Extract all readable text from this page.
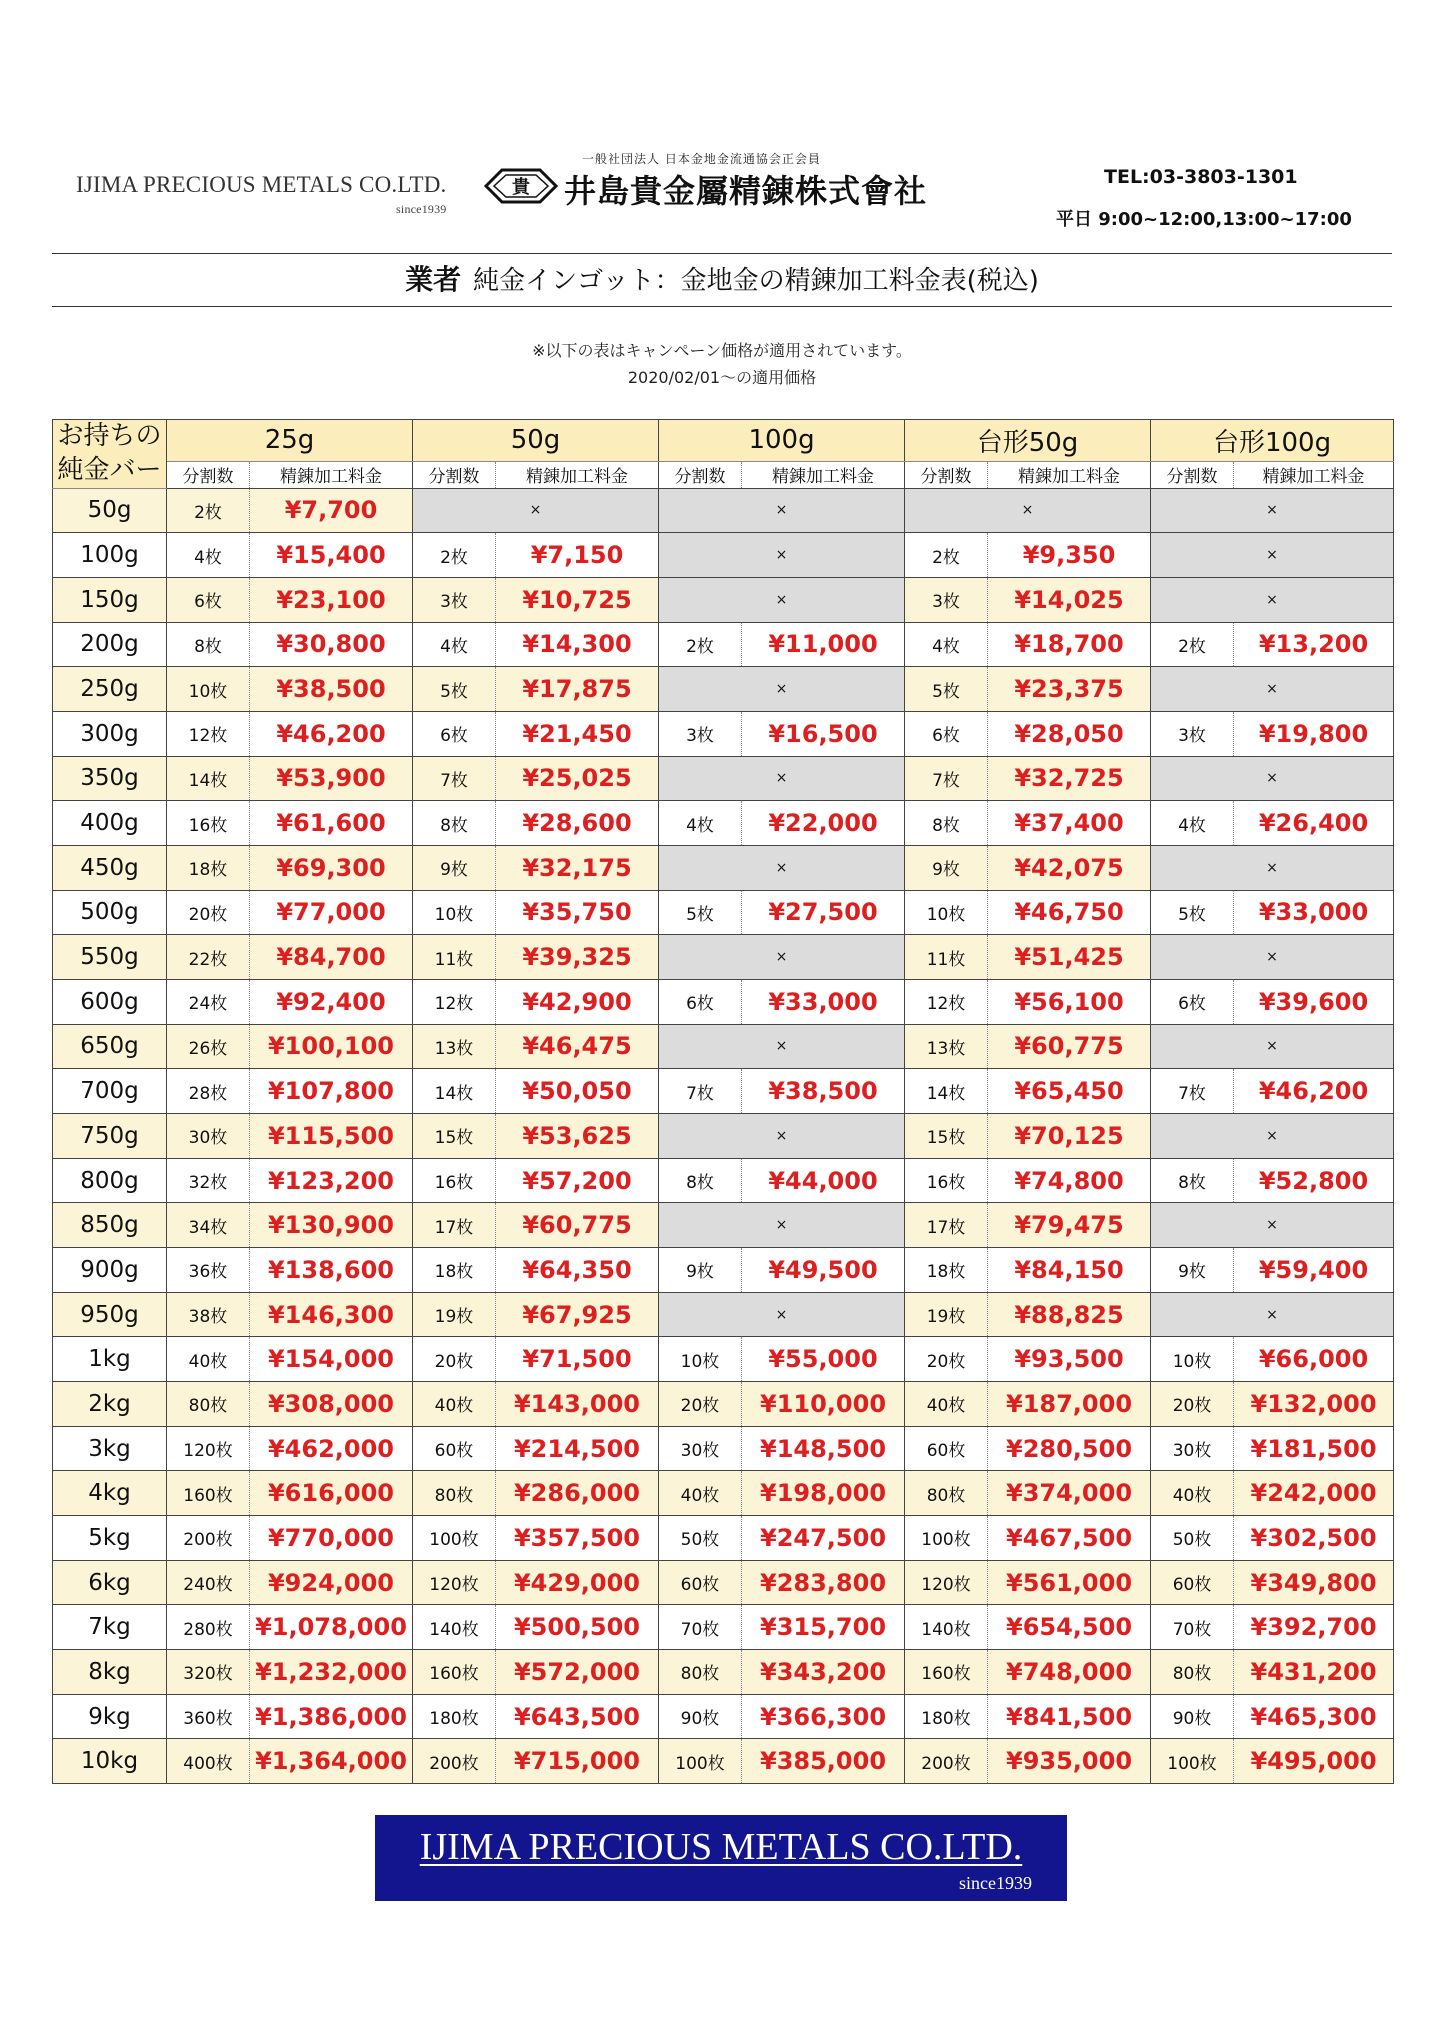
IJIMA PRECIOUS METALS CO.LTD.
since1939
一般社団法人 日本金地金流通協会正会員
貴 井島貴金屬精錬株式會社	TEL:03-3803-1301
平日 9:00~12:00,13:00~17:00
業者 純金インゴット：金地金の精錬加工料金表(税込)
※以下の表はキャンペーン価格が適用されています。
2020/02/01～の適用価格
お持ちの
純金バー	25g		50g		100g		台形50g		台形100g	
	分割数	精錬加工料金	分割数	精錬加工料金	分割数	精錬加工料金	分割数	精錬加工料金	分割数	精錬加工料金
50g	2枚	¥7,700	×		×		×		×	
100g	4枚	¥15,400	2枚	¥7,150	×		2枚	¥9,350	×	
150g	6枚	¥23,100	3枚	¥10,725	×		3枚	¥14,025	×	
200g	8枚	¥30,800	4枚	¥14,300	2枚	¥11,000	4枚	¥18,700	2枚	¥13,200
250g	10枚	¥38,500	5枚	¥17,875	×		5枚	¥23,375	×	
300g	12枚	¥46,200	6枚	¥21,450	3枚	¥16,500	6枚	¥28,050	3枚	¥19,800
350g	14枚	¥53,900	7枚	¥25,025	×		7枚	¥32,725	×	
400g	16枚	¥61,600	8枚	¥28,600	4枚	¥22,000	8枚	¥37,400	4枚	¥26,400
450g	18枚	¥69,300	9枚	¥32,175	×		9枚	¥42,075	×	
500g	20枚	¥77,000	10枚	¥35,750	5枚	¥27,500	10枚	¥46,750	5枚	¥33,000
550g	22枚	¥84,700	11枚	¥39,325	×		11枚	¥51,425	×	
600g	24枚	¥92,400	12枚	¥42,900	6枚	¥33,000	12枚	¥56,100	6枚	¥39,600
650g	26枚	¥100,100	13枚	¥46,475	×		13枚	¥60,775	×	
700g	28枚	¥107,800	14枚	¥50,050	7枚	¥38,500	14枚	¥65,450	7枚	¥46,200
750g	30枚	¥115,500	15枚	¥53,625	×		15枚	¥70,125	×	
800g	32枚	¥123,200	16枚	¥57,200	8枚	¥44,000	16枚	¥74,800	8枚	¥52,800
850g	34枚	¥130,900	17枚	¥60,775	×		17枚	¥79,475	×	
900g	36枚	¥138,600	18枚	¥64,350	9枚	¥49,500	18枚	¥84,150	9枚	¥59,400
950g	38枚	¥146,300	19枚	¥67,925	×		19枚	¥88,825	×	
1kg	40枚	¥154,000	20枚	¥71,500	10枚	¥55,000	20枚	¥93,500	10枚	¥66,000
2kg	80枚	¥308,000	40枚	¥143,000	20枚	¥110,000	40枚	¥187,000	20枚	¥132,000
3kg	120枚	¥462,000	60枚	¥214,500	30枚	¥148,500	60枚	¥280,500	30枚	¥181,500
4kg	160枚	¥616,000	80枚	¥286,000	40枚	¥198,000	80枚	¥374,000	40枚	¥242,000
5kg	200枚	¥770,000	100枚	¥357,500	50枚	¥247,500	100枚	¥467,500	50枚	¥302,500
6kg	240枚	¥924,000	120枚	¥429,000	60枚	¥283,800	120枚	¥561,000	60枚	¥349,800
7kg	280枚	¥1,078,000	140枚	¥500,500	70枚	¥315,700	140枚	¥654,500	70枚	¥392,700
8kg	320枚	¥1,232,000	160枚	¥572,000	80枚	¥343,200	160枚	¥748,000	80枚	¥431,200
9kg	360枚	¥1,386,000	180枚	¥643,500	90枚	¥366,300	180枚	¥841,500	90枚	¥465,300
10kg	400枚	¥1,364,000	200枚	¥715,000	100枚	¥385,000	200枚	¥935,000	100枚	¥495,000
IJIMA PRECIOUS METALS CO.LTD.
since1939
